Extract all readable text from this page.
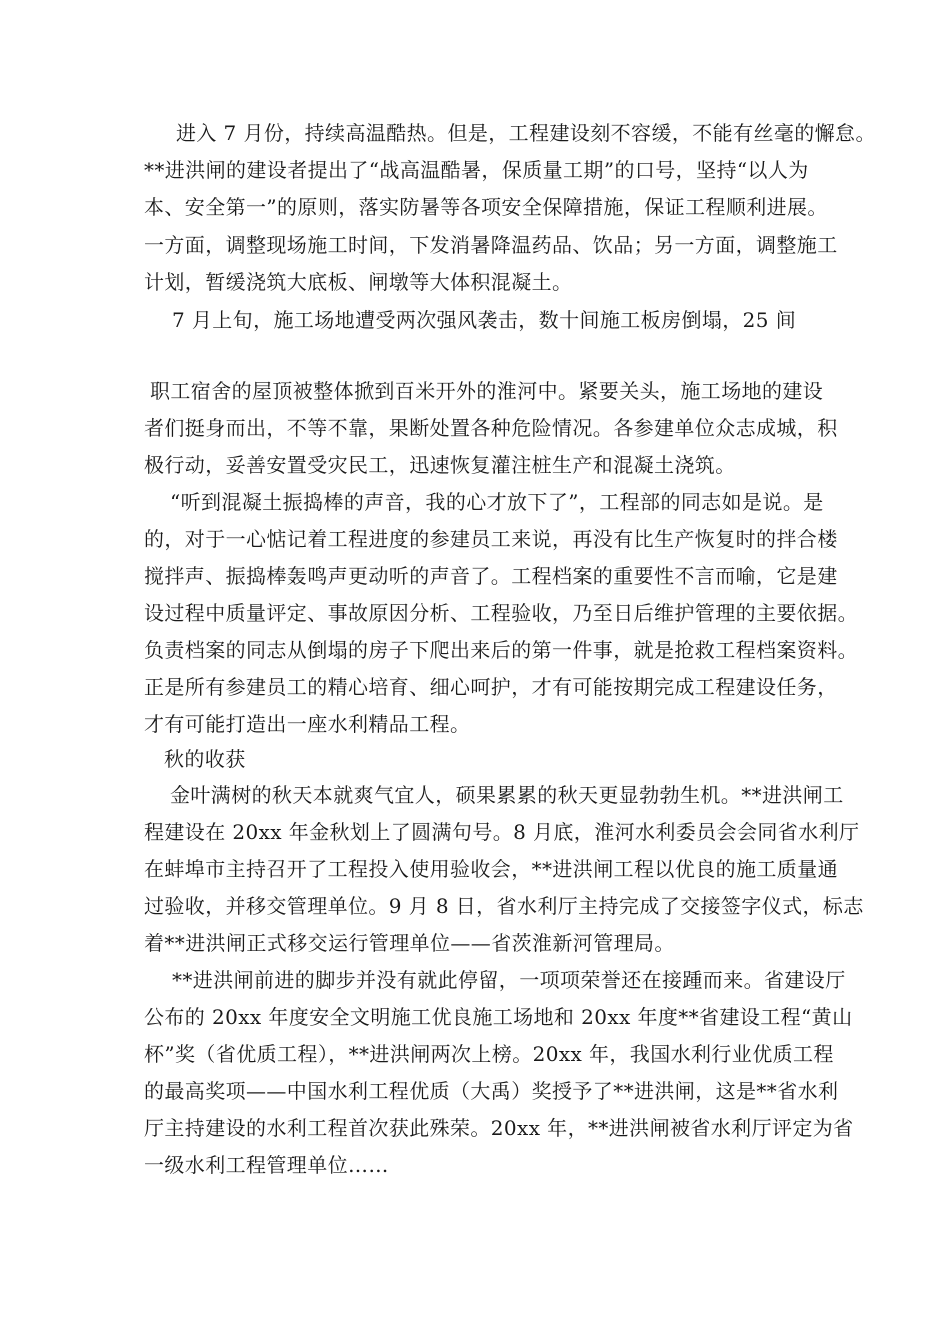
进入 7 月份，持续高温酷热。但是，工程建设刻不容缓，不能有丝毫的懈怠。
**进洪闸的建设者提出了“战高温酷暑，保质量工期”的口号，坚持“以人为
本、安全第一”的原则，落实防暑等各项安全保障措施，保证工程顺利进展。
一方面，调整现场施工时间，下发消暑降温药品、饮品；另一方面，调整施工
计划，暂缓浇筑大底板、闸墩等大体积混凝土。
7 月上旬，施工场地遭受两次强风袭击，数十间施工板房倒塌，25 间
职工宿舍的屋顶被整体掀到百米开外的淮河中。紧要关头，施工场地的建设
者们挺身而出，不等不靠，果断处置各种危险情况。各参建单位众志成城，积
极行动，妥善安置受灾民工，迅速恢复灌注桩生产和混凝土浇筑。
“听到混凝土振捣棒的声音，我的心才放下了”，工程部的同志如是说。是
的，对于一心惦记着工程进度的参建员工来说，再没有比生产恢复时的拌合楼
搅拌声、振捣棒轰鸣声更动听的声音了。工程档案的重要性不言而喻，它是建
设过程中质量评定、事故原因分析、工程验收，乃至日后维护管理的主要依据。
负责档案的同志从倒塌的房子下爬出来后的第一件事，就是抢救工程档案资料。
正是所有参建员工的精心培育、细心呵护，才有可能按期完成工程建设任务，
才有可能打造出一座水利精品工程。
秋的收获
金叶满树的秋天本就爽气宜人，硕果累累的秋天更显勃勃生机。**进洪闸工
程建设在 20xx 年金秋划上了圆满句号。8 月底，淮河水利委员会会同省水利厅
在蚌埠市主持召开了工程投入使用验收会，**进洪闸工程以优良的施工质量通
过验收，并移交管理单位。9 月 8 日，省水利厅主持完成了交接签字仪式，标志
着**进洪闸正式移交运行管理单位——省茨淮新河管理局。
**进洪闸前进的脚步并没有就此停留，一项项荣誉还在接踵而来。省建设厅
公布的 20xx 年度安全文明施工优良施工场地和 20xx 年度**省建设工程“黄山
杯”奖（省优质工程），**进洪闸两次上榜。20xx 年，我国水利行业优质工程
的最高奖项——中国水利工程优质（大禹）奖授予了**进洪闸，这是**省水利
厅主持建设的水利工程首次获此殊荣。20xx 年，**进洪闸被省水利厅评定为省
一级水利工程管理单位……
